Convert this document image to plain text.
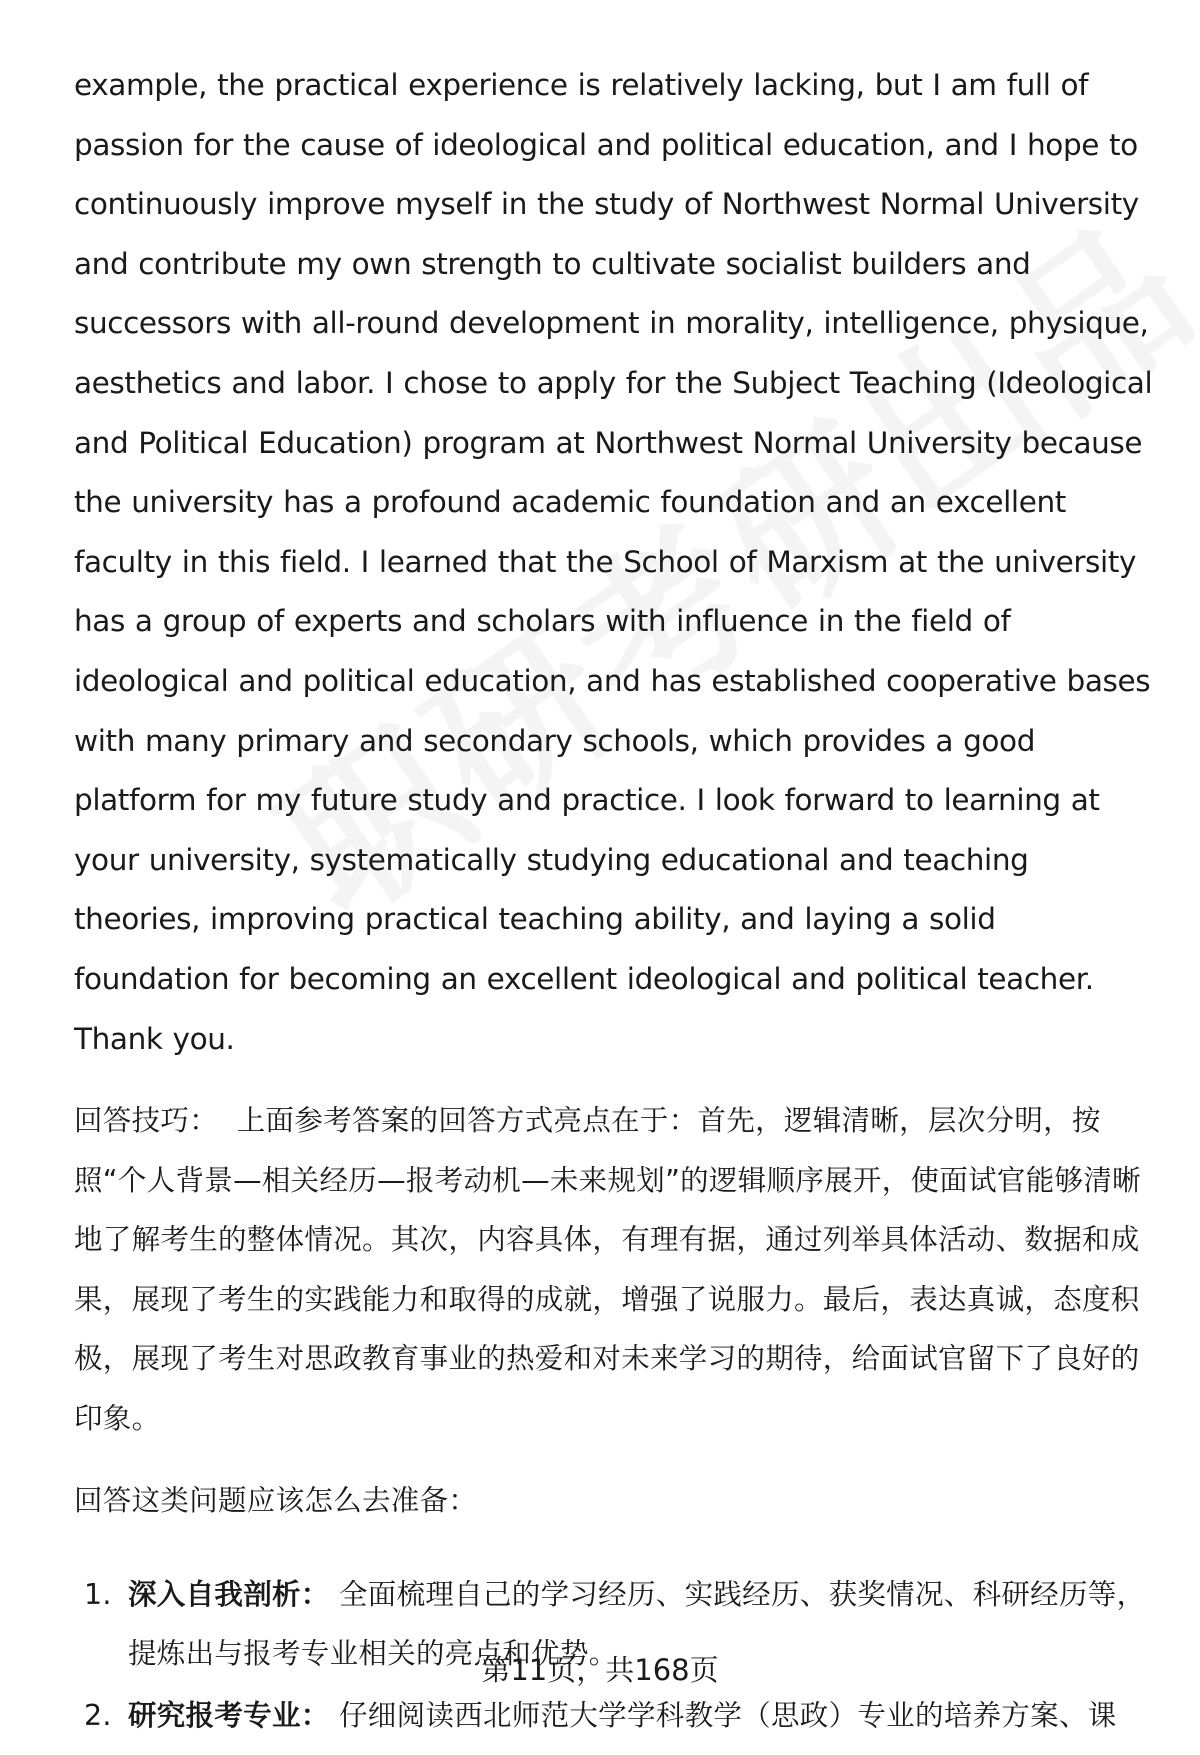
example, the practical experience is relatively lacking, but I am full of passion for the cause of ideological and political education, and I hope to continuously improve myself in the study of Northwest Normal University and contribute my own strength to cultivate socialist builders and successors with all-round development in morality, intelligence, physique, aesthetics and labor. I chose to apply for the Subject Teaching (Ideological and Political Education) program at Northwest Normal University because the university has a profound academic foundation and an excellent faculty in this field. I learned that the School of Marxism at the university has a group of experts and scholars with influence in the field of ideological and political education, and has established cooperative bases with many primary and secondary schools, which provides a good platform for my future study and practice. I look forward to learning at your university, systematically studying educational and teaching theories, improving practical teaching ability, and laying a solid foundation for becoming an excellent ideological and political teacher. Thank you.

回答技巧： 上面参考答案的回答方式亮点在于：首先，逻辑清晰，层次分明，按照“个人背景—相关经历—报考动机—未来规划”的逻辑顺序展开，使面试官能够清晰地了解考生的整体情况。其次，内容具体，有理有据，通过列举具体活动、数据和成果，展现了考生的实践能力和取得的成就，增强了说服力。最后，表达真诚，态度积极，展现了考生对思政教育事业的热爱和对未来学习的期待，给面试官留下了良好的印象。

回答这类问题应该怎么去准备：

1. 深入自我剖析： 全面梳理自己的学习经历、实践经历、获奖情况、科研经历等，提炼出与报考专业相关的亮点和优势。
2. 研究报考专业： 仔细阅读西北师范大学学科教学（思政）专业的培养方案、课
第11页，共168页
